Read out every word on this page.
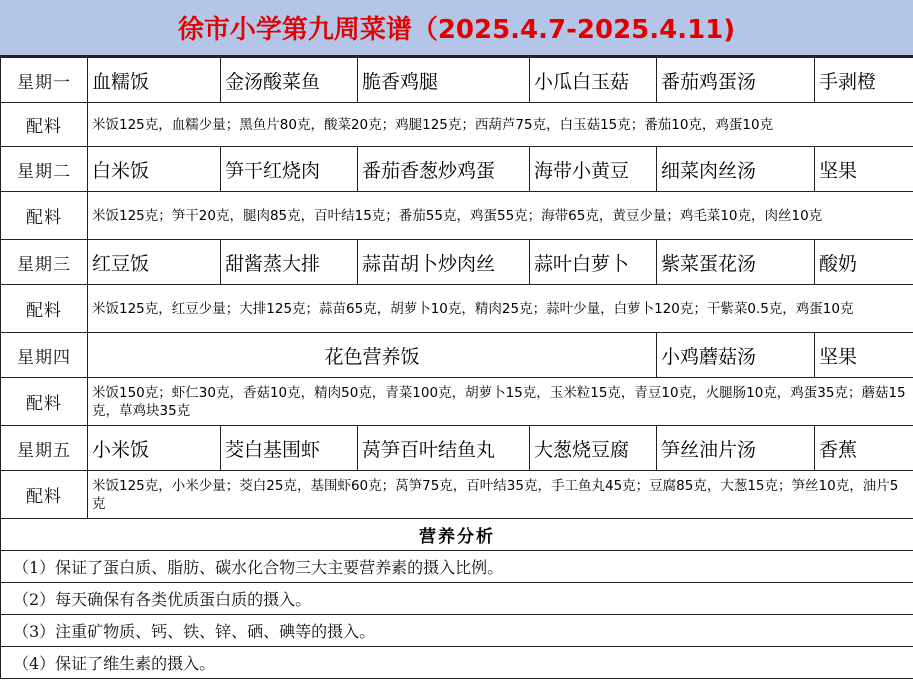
徐市小学第九周菜谱（2025.4.7-2025.4.11)
星期一	血糯饭	金汤酸菜鱼	脆香鸡腿	小瓜白玉菇	番茄鸡蛋汤	手剥橙
配料	米饭125克，血糯少量；黑鱼片80克，酸菜20克；鸡腿125克；西葫芦75克，白玉菇15克；番茄10克，鸡蛋10克					
星期二	白米饭	笋干红烧肉	番茄香葱炒鸡蛋	海带小黄豆	细菜肉丝汤	坚果
配料	米饭125克；笋干20克，腿肉85克，百叶结15克；番茄55克，鸡蛋55克；海带65克，黄豆少量；鸡毛菜10克，肉丝10克					
星期三	红豆饭	甜酱蒸大排	蒜苗胡卜炒肉丝	蒜叶白萝卜	紫菜蛋花汤	酸奶
配料	米饭125克，红豆少量；大排125克；蒜苗65克，胡萝卜10克，精肉25克；蒜叶少量，白萝卜120克；干紫菜0.5克，鸡蛋10克					
星期四	花色营养饭				小鸡蘑菇汤	坚果
配料	米饭150克；虾仁30克，香菇10克，精肉50克，青菜100克，胡萝卜15克，玉米粒15克，青豆10克，火腿肠10克，鸡蛋35克；蘑菇15克，草鸡块35克					
星期五	小米饭	茭白基围虾	莴笋百叶结鱼丸	大葱烧豆腐	笋丝油片汤	香蕉
配料	米饭125克，小米少量；茭白25克，基围虾60克；莴笋75克，百叶结35克，手工鱼丸45克；豆腐85克，大葱15克；笋丝10克，油片5克					
营养分析						
（1）保证了蛋白质、脂肪、碳水化合物三大主要营养素的摄入比例。						
（2）每天确保有各类优质蛋白质的摄入。						
（3）注重矿物质、钙、铁、锌、硒、碘等的摄入。						
（4）保证了维生素的摄入。						
